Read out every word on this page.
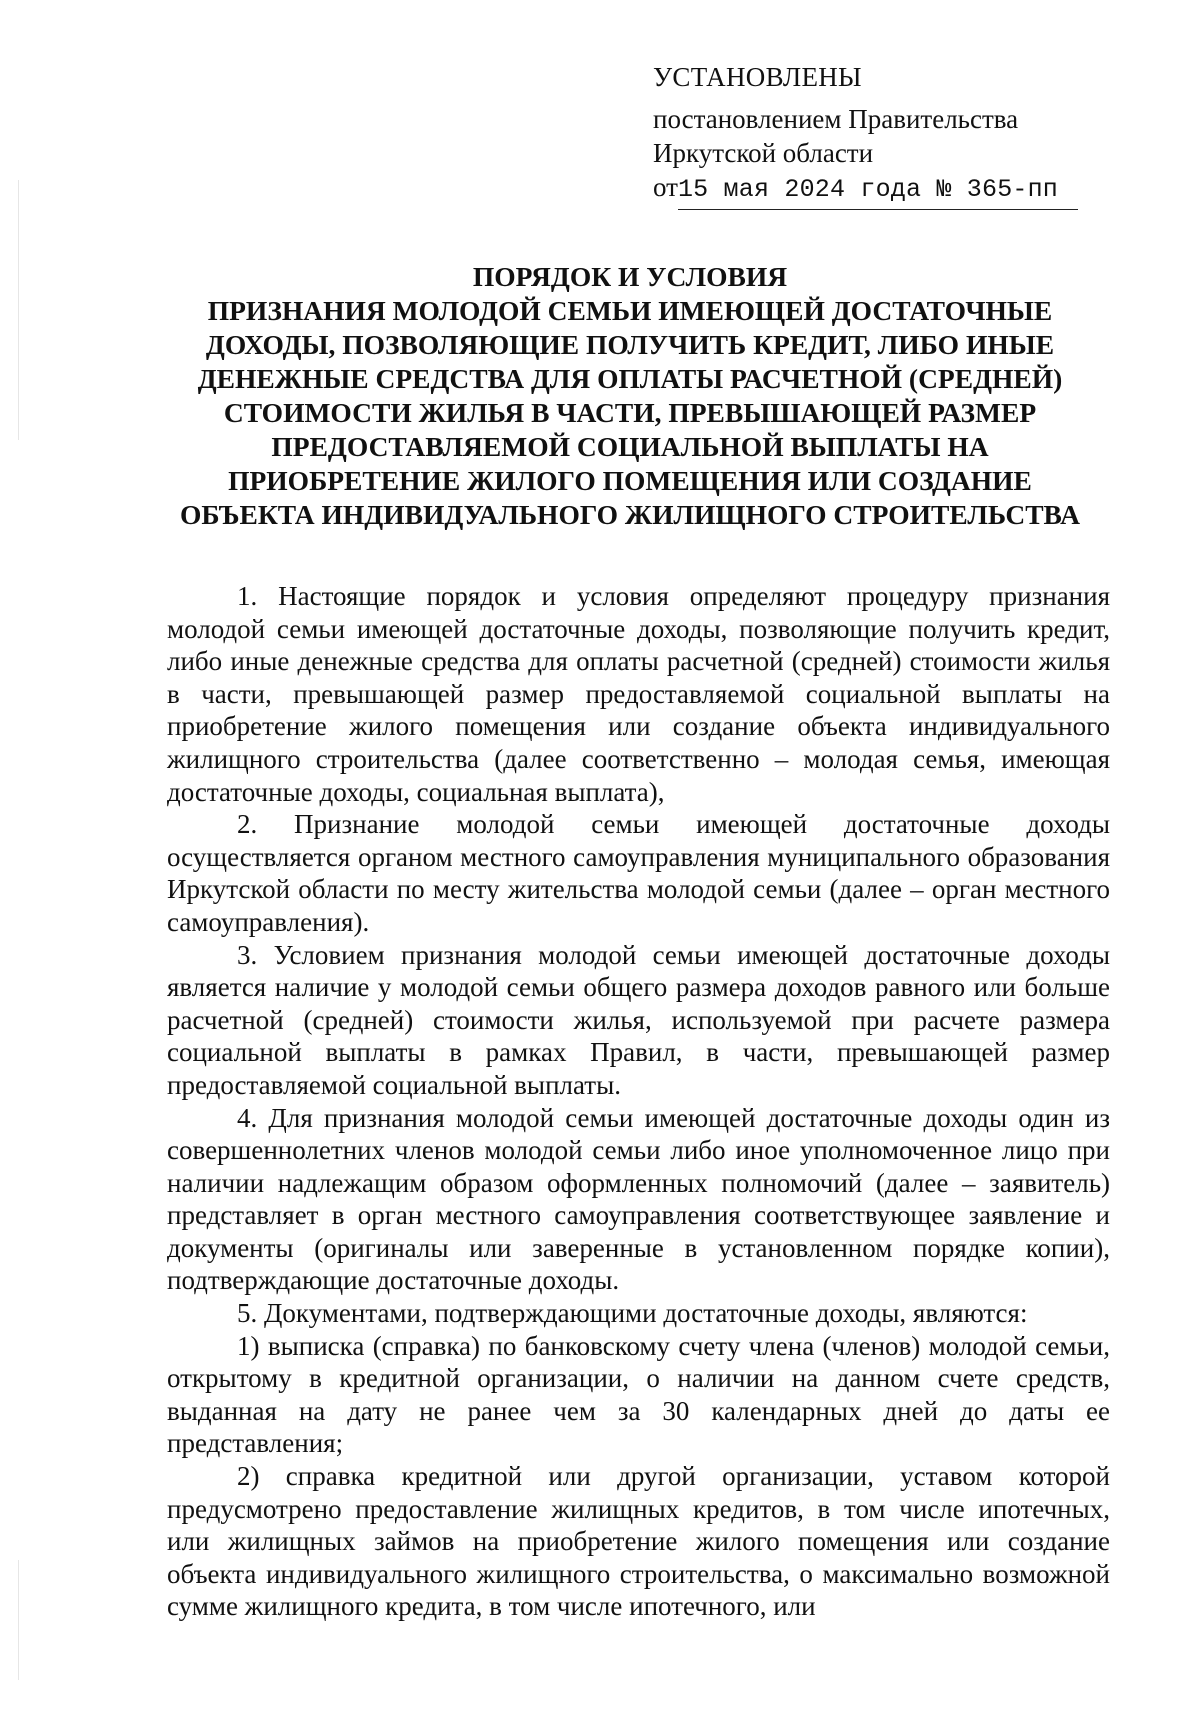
УСТАНОВЛЕНЫ
постановлением Правительства
Иркутской области
от 15 мая 2024 года № 365-пп
ПОРЯДОК И УСЛОВИЯ
ПРИЗНАНИЯ МОЛОДОЙ СЕМЬИ ИМЕЮЩЕЙ ДОСТАТОЧНЫЕ
ДОХОДЫ, ПОЗВОЛЯЮЩИЕ ПОЛУЧИТЬ КРЕДИТ, ЛИБО ИНЫЕ
ДЕНЕЖНЫЕ СРЕДСТВА ДЛЯ ОПЛАТЫ РАСЧЕТНОЙ (СРЕДНЕЙ)
СТОИМОСТИ ЖИЛЬЯ В ЧАСТИ, ПРЕВЫШАЮЩЕЙ РАЗМЕР
ПРЕДОСТАВЛЯЕМОЙ СОЦИАЛЬНОЙ ВЫПЛАТЫ НА
ПРИОБРЕТЕНИЕ ЖИЛОГО ПОМЕЩЕНИЯ ИЛИ СОЗДАНИЕ
ОБЪЕКТА ИНДИВИДУАЛЬНОГО ЖИЛИЩНОГО СТРОИТЕЛЬСТВА

1. Настоящие порядок и условия определяют процедуру признания молодой семьи имеющей достаточные доходы, позволяющие получить кредит, либо иные денежные средства для оплаты расчетной (средней) стоимости жилья в части, превышающей размер предоставляемой социальной выплаты на приобретение жилого помещения или создание объекта индивидуального жилищного строительства (далее соответственно – молодая семья, имеющая достаточные доходы, социальная выплата),

2. Признание молодой семьи имеющей достаточные доходы осуществляется органом местного самоуправления муниципального образования Иркутской области по месту жительства молодой семьи (далее – орган местного самоуправления).

3. Условием признания молодой семьи имеющей достаточные доходы является наличие у молодой семьи общего размера доходов равного или больше расчетной (средней) стоимости жилья, используемой при расчете размера социальной выплаты в рамках Правил, в части, превышающей размер предоставляемой социальной выплаты.

4. Для признания молодой семьи имеющей достаточные доходы один из совершеннолетних членов молодой семьи либо иное уполномоченное лицо при наличии надлежащим образом оформленных полномочий (далее – заявитель) представляет в орган местного самоуправления соответствующее заявление и документы (оригиналы или заверенные в установленном порядке копии), подтверждающие достаточные доходы.

5. Документами, подтверждающими достаточные доходы, являются:

1) выписка (справка) по банковскому счету члена (членов) молодой семьи, открытому в кредитной организации, о наличии на данном счете средств, выданная на дату не ранее чем за 30 календарных дней до даты ее представления;

2) справка кредитной или другой организации, уставом которой предусмотрено предоставление жилищных кредитов, в том числе ипотечных, или жилищных займов на приобретение жилого помещения или создание объекта индивидуального жилищного строительства, о максимально возможной сумме жилищного кредита, в том числе ипотечного, или
